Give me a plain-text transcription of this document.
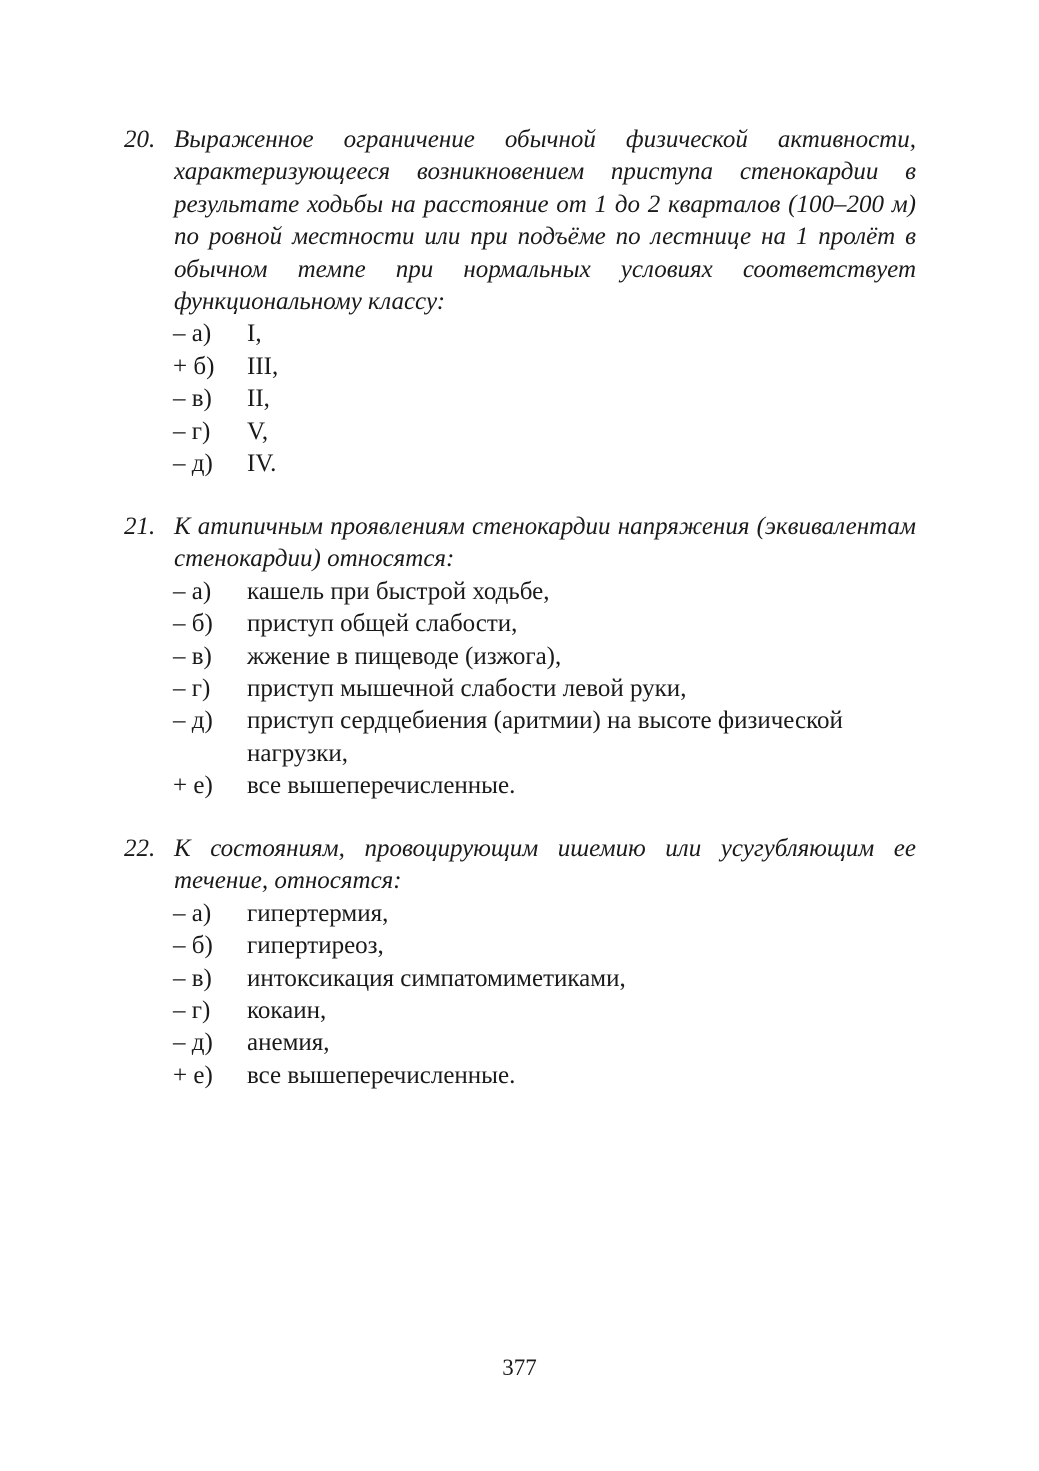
20. Выраженное ограничение обычной физической активности, характеризующееся возникновением приступа стенокардии в результате ходьбы на расстояние от 1 до 2 кварталов (100–200 м) по ровной местности или при подъёме по лестнице на 1 пролёт в обычном темпе при нормальных условиях соответствует функциональному классу:
– а)	I,
+ б)	III,
– в)	II,
– г)	V,
– д)	IV.
21. К атипичным проявлениям стенокардии напряжения (эквивалентам стенокардии) относятся:
– а)	кашель при быстрой ходьбе,
– б)	приступ общей слабости,
– в)	жжение в пищеводе (изжога),
– г)	приступ мышечной слабости левой руки,
– д)	приступ сердцебиения (аритмии) на высоте физической нагрузки,
+ е)	все вышеперечисленные.
22. К состояниям, провоцирующим ишемию или усугубляющим ее течение, относятся:
– а)	гипертермия,
– б)	гипертиреоз,
– в)	интоксикация симпатомиметиками,
– г)	кокаин,
– д)	анемия,
+ е)	все вышеперечисленные.
377
